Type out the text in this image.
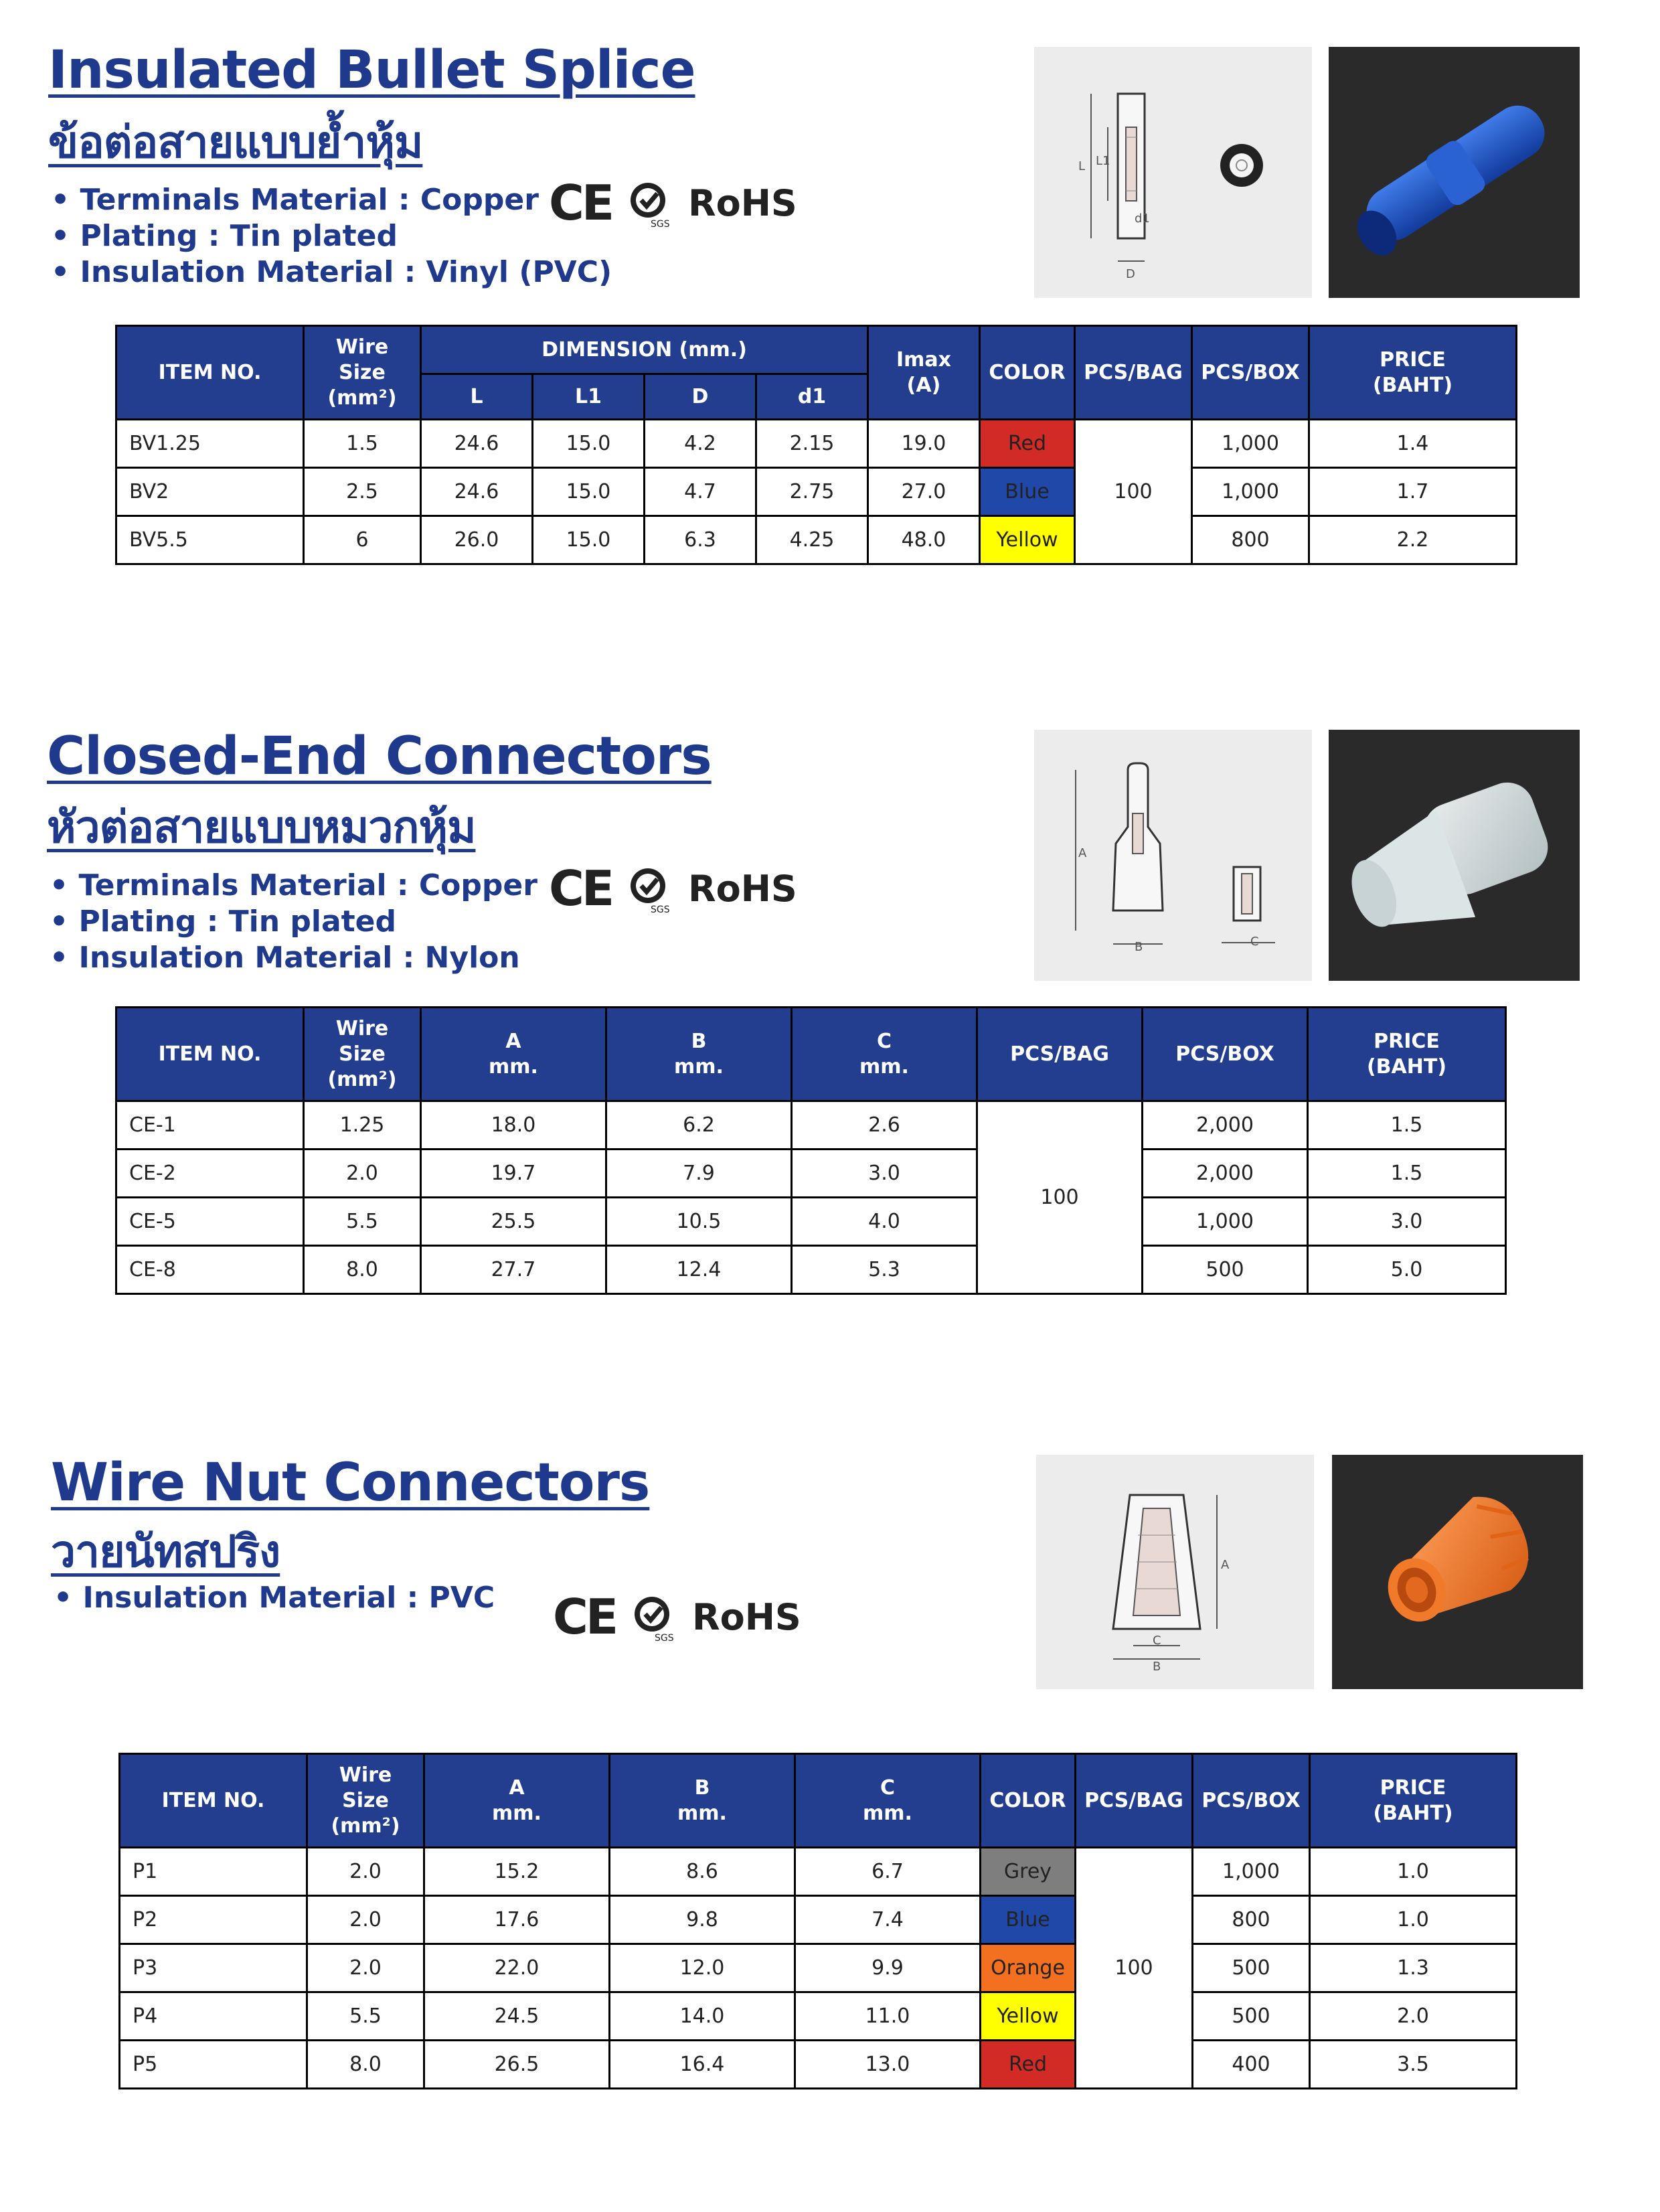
Insulated Bullet Splice
ข้อต่อสายแบบย้ำหุ้ม
• Terminals Material : Copper
• Plating : Tin plated
• Insulation Material : Vinyl (PVC)
CE	SGS
RoHS
L L1
d1
D
ITEM NO.	Wire
Size
(mm²)	DIMENSION (mm.)				Imax
(A)	COLOR	PCS/BAG	PCS/BOX	PRICE
(BAHT)
		L	L1	D	d1					
BV1.25	1.5	24.6	15.0	4.2	2.15	19.0	Red	100	1,000	1.4
BV2	2.5	24.6	15.0	4.7	2.75	27.0	Blue		1,000	1.7
BV5.5	6	26.0	15.0	6.3	4.25	48.0	Yellow		800	2.2
Closed-End Connectors
หัวต่อสายแบบหมวกหุ้ม
• Terminals Material : Copper
• Plating : Tin plated
• Insulation Material : Nylon
CE	SGS
RoHS
A
B	C
ITEM NO.	Wire
Size
(mm²)	A
mm.	B
mm.	C
mm.	PCS/BAG	PCS/BOX	PRICE
(BAHT)
CE-1	1.25	18.0	6.2	2.6	100	2,000	1.5
CE-2	2.0	19.7	7.9	3.0		2,000	1.5
CE-5	5.5	25.5	10.5	4.0		1,000	3.0
CE-8	8.0	27.7	12.4	5.3		500	5.0
Wire Nut Connectors
วายนัทสปริง
• Insulation Material : PVC CE	SGS
RoHS
A
C
B
ITEM NO.	Wire
Size
(mm²)	A
mm.	B
mm.	C
mm.	COLOR	PCS/BAG	PCS/BOX	PRICE
(BAHT)
P1	2.0	15.2	8.6	6.7	Grey	100	1,000	1.0
P2	2.0	17.6	9.8	7.4	Blue		800	1.0
P3	2.0	22.0	12.0	9.9	Orange		500	1.3
P4	5.5	24.5	14.0	11.0	Yellow		500	2.0
P5	8.0	26.5	16.4	13.0	Red		400	3.5
